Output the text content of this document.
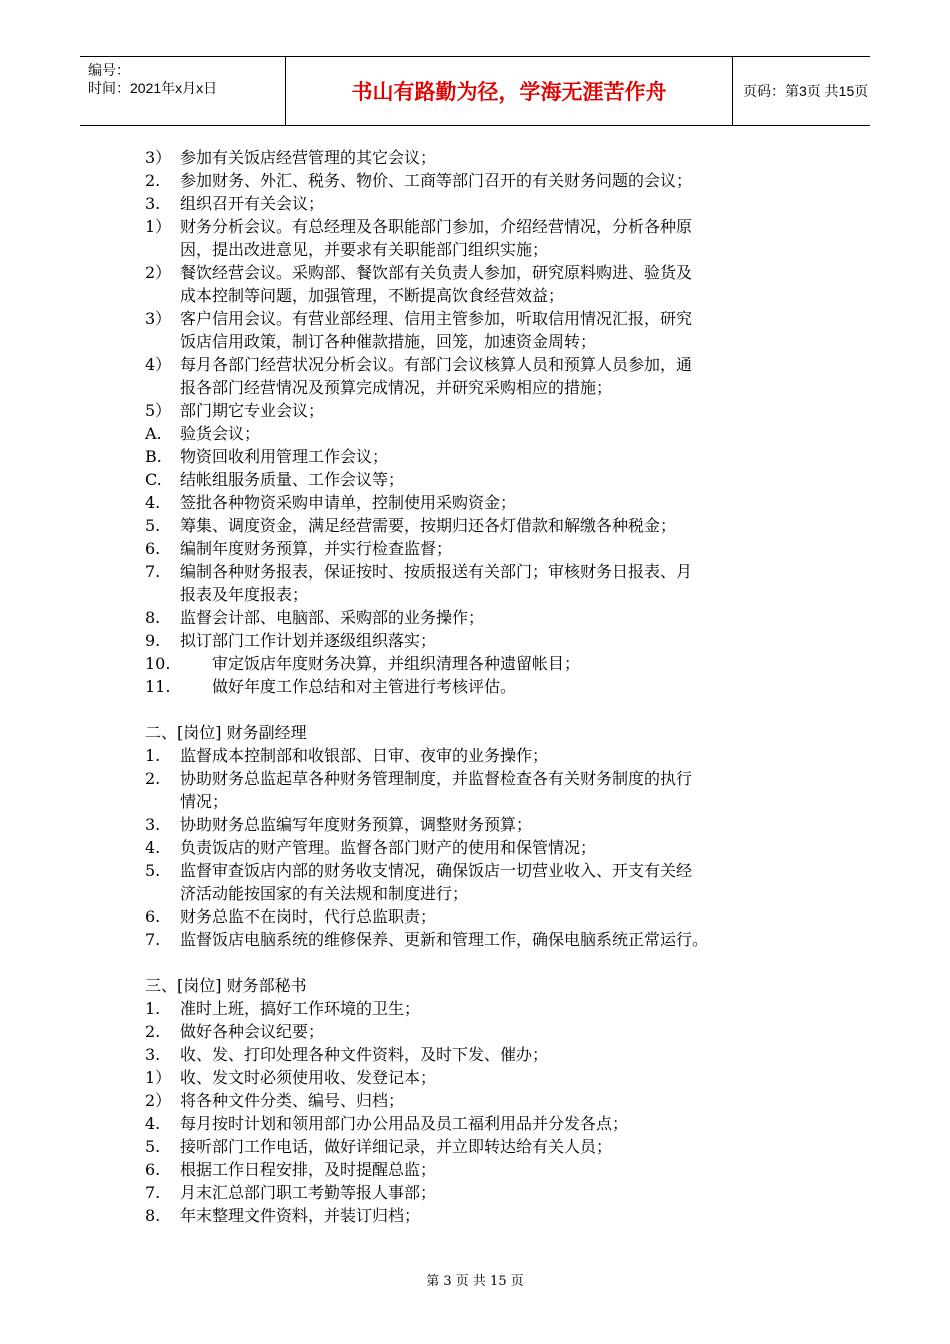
编号：
时间：2021年x月x日	书山有路勤为径，学海无涯苦作舟	页码：第3页 共15页
3） 参加有关饭店经营管理的其它会议；
2. 参加财务、外汇、税务、物价、工商等部门召开的有关财务问题的会议；
3. 组织召开有关会议；
1） 财务分析会议。有总经理及各职能部门参加，介绍经营情况，分析各种原
因，提出改进意见，并要求有关职能部门组织实施；
2） 餐饮经营会议。采购部、餐饮部有关负责人参加，研究原料购进、验货及
成本控制等问题，加强管理，不断提高饮食经营效益；
3） 客户信用会议。有营业部经理、信用主管参加，听取信用情况汇报，研究
饭店信用政策，制订各种催款措施，回笼，加速资金周转；
4） 每月各部门经营状况分析会议。有部门会议核算人员和预算人员参加，通
报各部门经营情况及预算完成情况，并研究采购相应的措施；
5） 部门期它专业会议；
A. 验货会议；
B. 物资回收利用管理工作会议；
C. 结帐组服务质量、工作会议等；
4. 签批各种物资采购申请单，控制使用采购资金；
5. 筹集、调度资金，满足经营需要，按期归还各灯借款和解缴各种税金；
6. 编制年度财务预算，并实行检查监督；
7. 编制各种财务报表，保证按时、按质报送有关部门；审核财务日报表、月
报表及年度报表；
8. 监督会计部、电脑部、采购部的业务操作；
9. 拟订部门工作计划并逐级组织落实；
10.	审定饭店年度财务决算，并组织清理各种遗留帐目；
11.	做好年度工作总结和对主管进行考核评估。
二、[岗位] 财务副经理
1. 监督成本控制部和收银部、日审、夜审的业务操作；
2. 协助财务总监起草各种财务管理制度，并监督检查各有关财务制度的执行
情况；
3. 协助财务总监编写年度财务预算，调整财务预算；
4. 负责饭店的财产管理。监督各部门财产的使用和保管情况；
5. 监督审查饭店内部的财务收支情况，确保饭店一切营业收入、开支有关经
济活动能按国家的有关法规和制度进行；
6. 财务总监不在岗时，代行总监职责；
7. 监督饭店电脑系统的维修保养、更新和管理工作，确保电脑系统正常运行。
三、[岗位] 财务部秘书
1. 准时上班，搞好工作环境的卫生；
2. 做好各种会议纪要；
3. 收、发、打印处理各种文件资料，及时下发、催办；
1） 收、发文时必须使用收、发登记本；
2） 将各种文件分类、编号、归档；
4. 每月按时计划和领用部门办公用品及员工福利用品并分发各点；
5. 接听部门工作电话，做好详细记录，并立即转达给有关人员；
6. 根据工作日程安排，及时提醒总监；
7. 月末汇总部门职工考勤等报人事部；
8. 年末整理文件资料，并装订归档；
第 3 页 共 15 页
